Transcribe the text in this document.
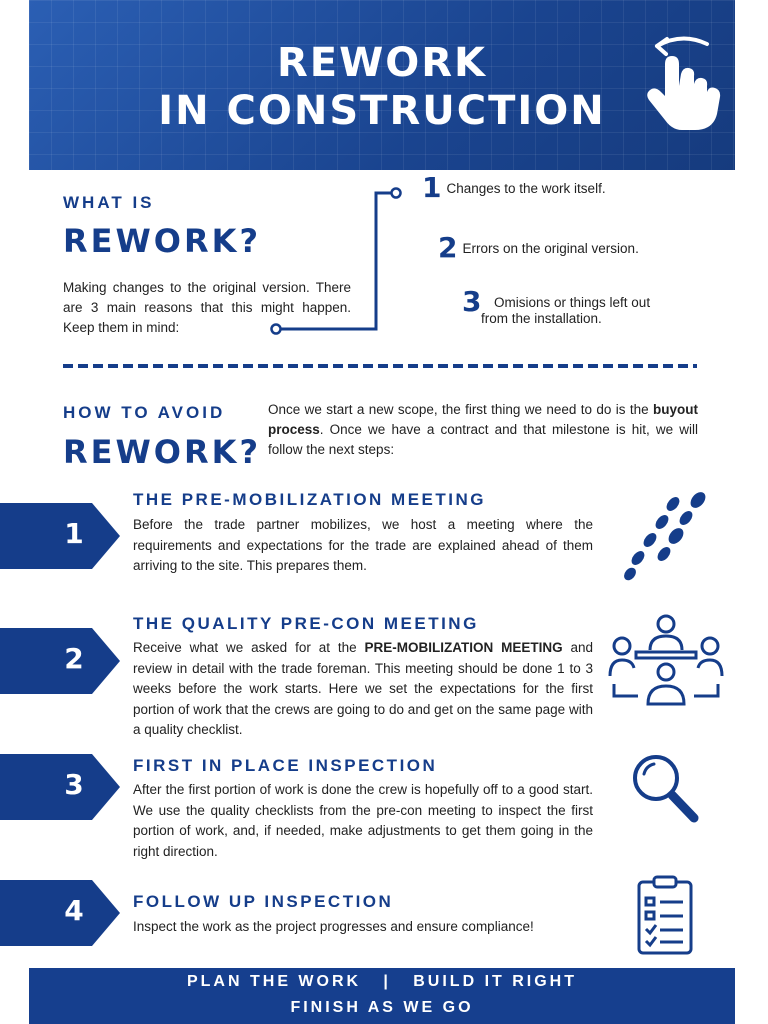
REWORK
IN CONSTRUCTION
WHAT IS
REWORK?
Making changes to the original version. There are 3 main reasons that this might happen. Keep them in mind:
1 Changes to the work itself.
2 Errors on the original version.
3 Omisions or things left out
from the installation.
HOW TO AVOID
REWORK?
Once we start a new scope, the first thing we need to do is the buyout process. Once we have a contract and that milestone is hit, we will follow the next steps:
1
THE PRE-MOBILIZATION MEETING
Before the trade partner mobilizes, we host a meeting where the requirements and expectations for the trade are explained ahead of them arriving to the site. This prepares them.
2
THE QUALITY PRE-CON MEETING
Receive what we asked for at the PRE-MOBILIZATION MEETING and review in detail with the trade foreman. This meeting should be done 1 to 3 weeks before the work starts. Here we set the expectations for the first portion of work that the crews are going to do and get on the same page with a quality checklist.
3
FIRST IN PLACE INSPECTION
After the first portion of work is done the crew is hopefully off to a good start. We use the quality checklists from the pre-con meeting to inspect the first portion of work, and, if needed, make adjustments to get them going in the right direction.
4	FOLLOW UP INSPECTION
Inspect the work as the project progresses and ensure compliance!
PLAN THE WORK   |   BUILD IT RIGHT
FINISH AS WE GO
